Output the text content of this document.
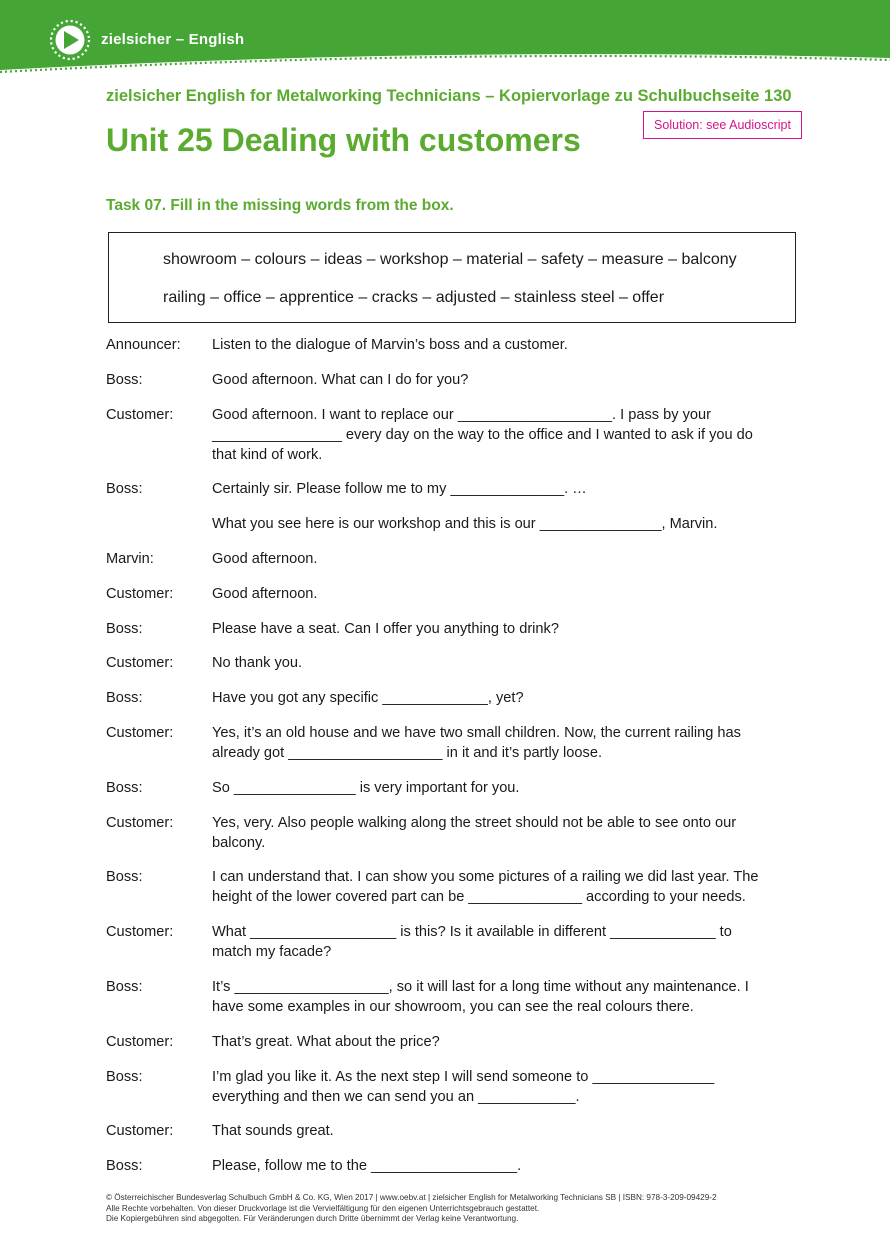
zielsicher – English
zielsicher English for Metalworking Technicians – Kopiervorlage zu Schulbuchseite 130
Unit 25 Dealing with customers	Solution: see Audioscript
Task 07. Fill in the missing words from the box.
showroom – colours – ideas – workshop – material – safety – measure – balcony
railing – office – apprentice – cracks – adjusted – stainless steel – offer
Announcer:	Listen to the dialogue of Marvin’s boss and a customer.
Boss:	Good afternoon. What can I do for you?
Customer:	Good afternoon. I want to replace our ___________________. I pass by your
________________ every day on the way to the office and I wanted to ask if you do
that kind of work.
Boss:	Certainly sir. Please follow me to my ______________. …
What you see here is our workshop and this is our _______________, Marvin.
Marvin:	Good afternoon.
Customer:	Good afternoon.
Boss:	Please have a seat. Can I offer you anything to drink?
Customer:	No thank you.
Boss:	Have you got any specific _____________, yet?
Customer:	Yes, it’s an old house and we have two small children. Now, the current railing has
already got ___________________ in it and it’s partly loose.
Boss:	So _______________ is very important for you.
Customer:	Yes, very. Also people walking along the street should not be able to see onto our
balcony.
Boss:	I can understand that. I can show you some pictures of a railing we did last year. The
height of the lower covered part can be ______________ according to your needs.
Customer:	What __________________ is this? Is it available in different _____________ to
match my facade?
Boss:	It’s ___________________, so it will last for a long time without any maintenance. I
have some examples in our showroom, you can see the real colours there.
Customer:	That’s great. What about the price?
Boss:	I’m glad you like it. As the next step I will send someone to _______________
everything and then we can send you an ____________.
Customer:	That sounds great.
Boss:	Please, follow me to the __________________.
© Österreichischer Bundesverlag Schulbuch GmbH & Co. KG, Wien 2017 | www.oebv.at | zielsicher English for Metalworking Technicians SB | ISBN: 978-3-209-09429-2
Alle Rechte vorbehalten. Von dieser Druckvorlage ist die Vervielfältigung für den eigenen Unterrichtsgebrauch gestattet.
Die Kopiergebühren sind abgegolten. Für Veränderungen durch Dritte übernimmt der Verlag keine Verantwortung.
